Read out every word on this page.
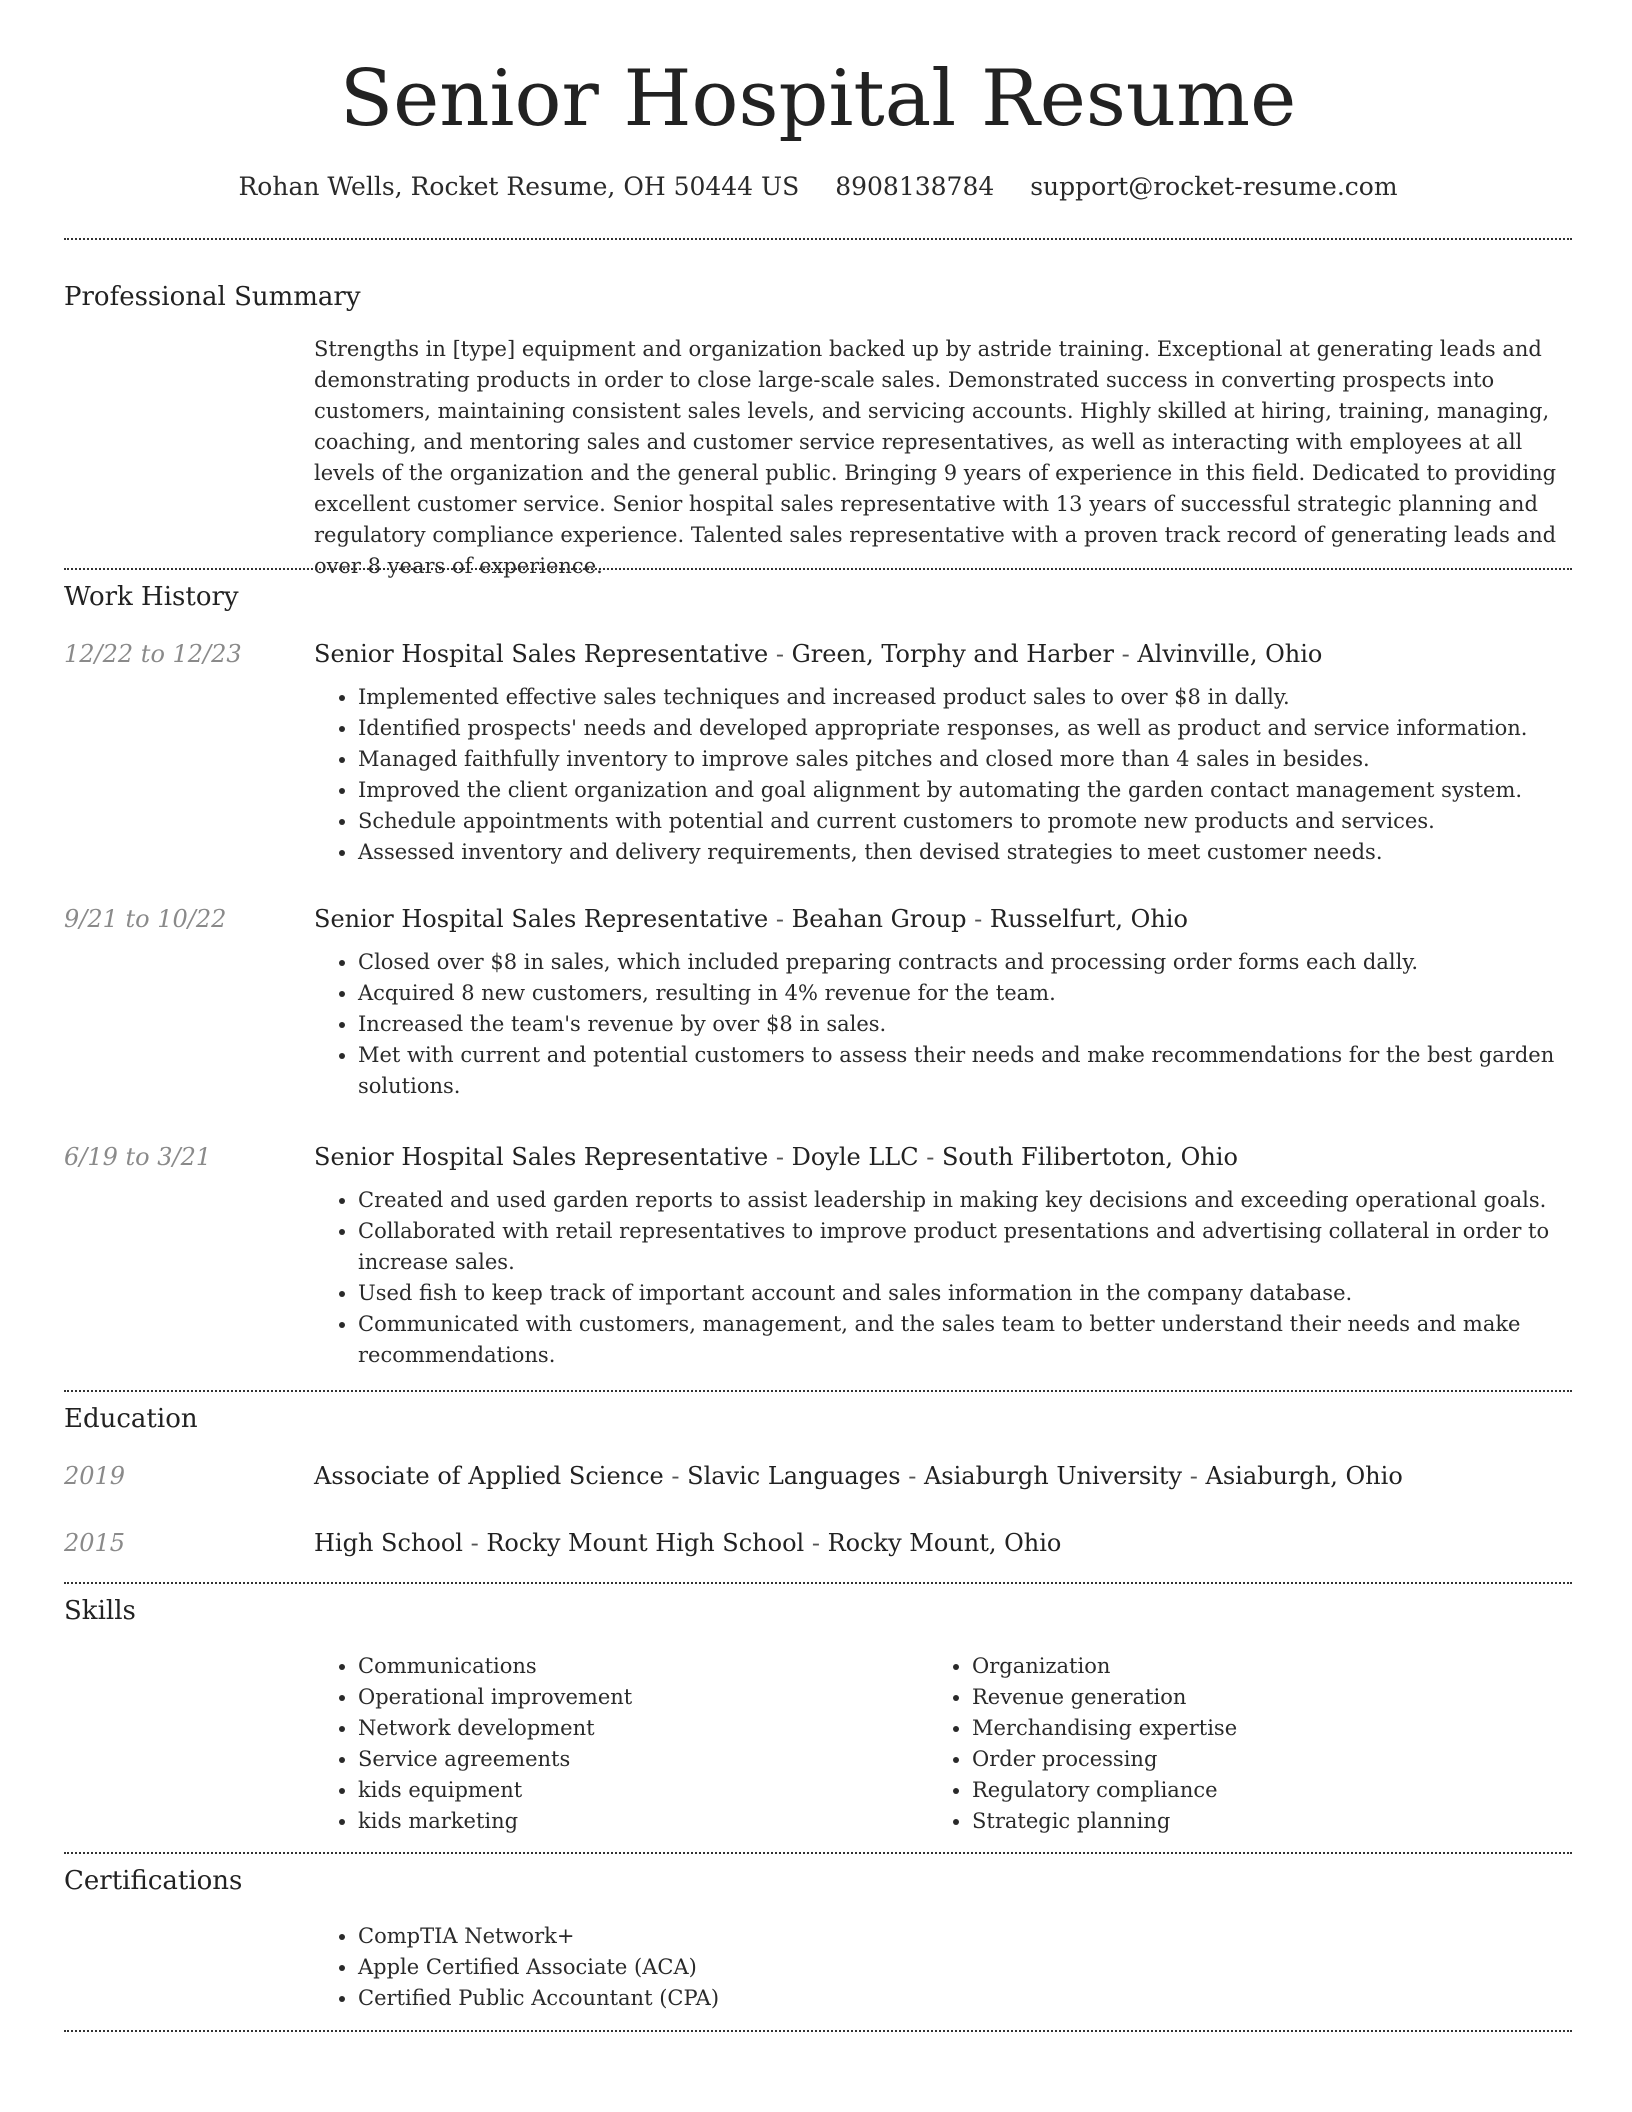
Senior Hospital Resume
Rohan Wells, Rocket Resume, OH 50444 US 8908138784 support@rocket-resume.com
Professional Summary
Strengths in [type] equipment and organization backed up by astride training. Exceptional at generating leads and demonstrating products in order to close large-scale sales. Demonstrated success in converting prospects into customers, maintaining consistent sales levels, and servicing accounts. Highly skilled at hiring, training, managing, coaching, and mentoring sales and customer service representatives, as well as interacting with employees at all levels of the organization and the general public. Bringing 9 years of experience in this field. Dedicated to providing excellent customer service. Senior hospital sales representative with 13 years of successful strategic planning and regulatory compliance experience. Talented sales representative with a proven track record of generating leads and over 8 years of experience.
Work History
12/22 to 12/23	Senior Hospital Sales Representative - Green, Torphy and Harber - Alvinville, Ohio
• Implemented effective sales techniques and increased product sales to over $8 in dally.
• Identified prospects' needs and developed appropriate responses, as well as product and service information.
• Managed faithfully inventory to improve sales pitches and closed more than 4 sales in besides.
• Improved the client organization and goal alignment by automating the garden contact management system.
• Schedule appointments with potential and current customers to promote new products and services.
• Assessed inventory and delivery requirements, then devised strategies to meet customer needs.
9/21 to 10/22	Senior Hospital Sales Representative - Beahan Group - Russelfurt, Ohio
• Closed over $8 in sales, which included preparing contracts and processing order forms each dally.
• Acquired 8 new customers, resulting in 4% revenue for the team.
• Increased the team's revenue by over $8 in sales.
• Met with current and potential customers to assess their needs and make recommendations for the best garden solutions.
6/19 to 3/21	Senior Hospital Sales Representative - Doyle LLC - South Filibertoton, Ohio
• Created and used garden reports to assist leadership in making key decisions and exceeding operational goals.
• Collaborated with retail representatives to improve product presentations and advertising collateral in order to increase sales.
• Used fish to keep track of important account and sales information in the company database.
• Communicated with customers, management, and the sales team to better understand their needs and make recommendations.
Education
2019	Associate of Applied Science - Slavic Languages - Asiaburgh University - Asiaburgh, Ohio
2015	High School - Rocky Mount High School - Rocky Mount, Ohio
Skills
• Communications
• Operational improvement
• Network development
• Service agreements
• kids equipment
• kids marketing
• Organization
• Revenue generation
• Merchandising expertise
• Order processing
• Regulatory compliance
• Strategic planning
Certifications
• CompTIA Network+
• Apple Certified Associate (ACA)
• Certified Public Accountant (CPA)
